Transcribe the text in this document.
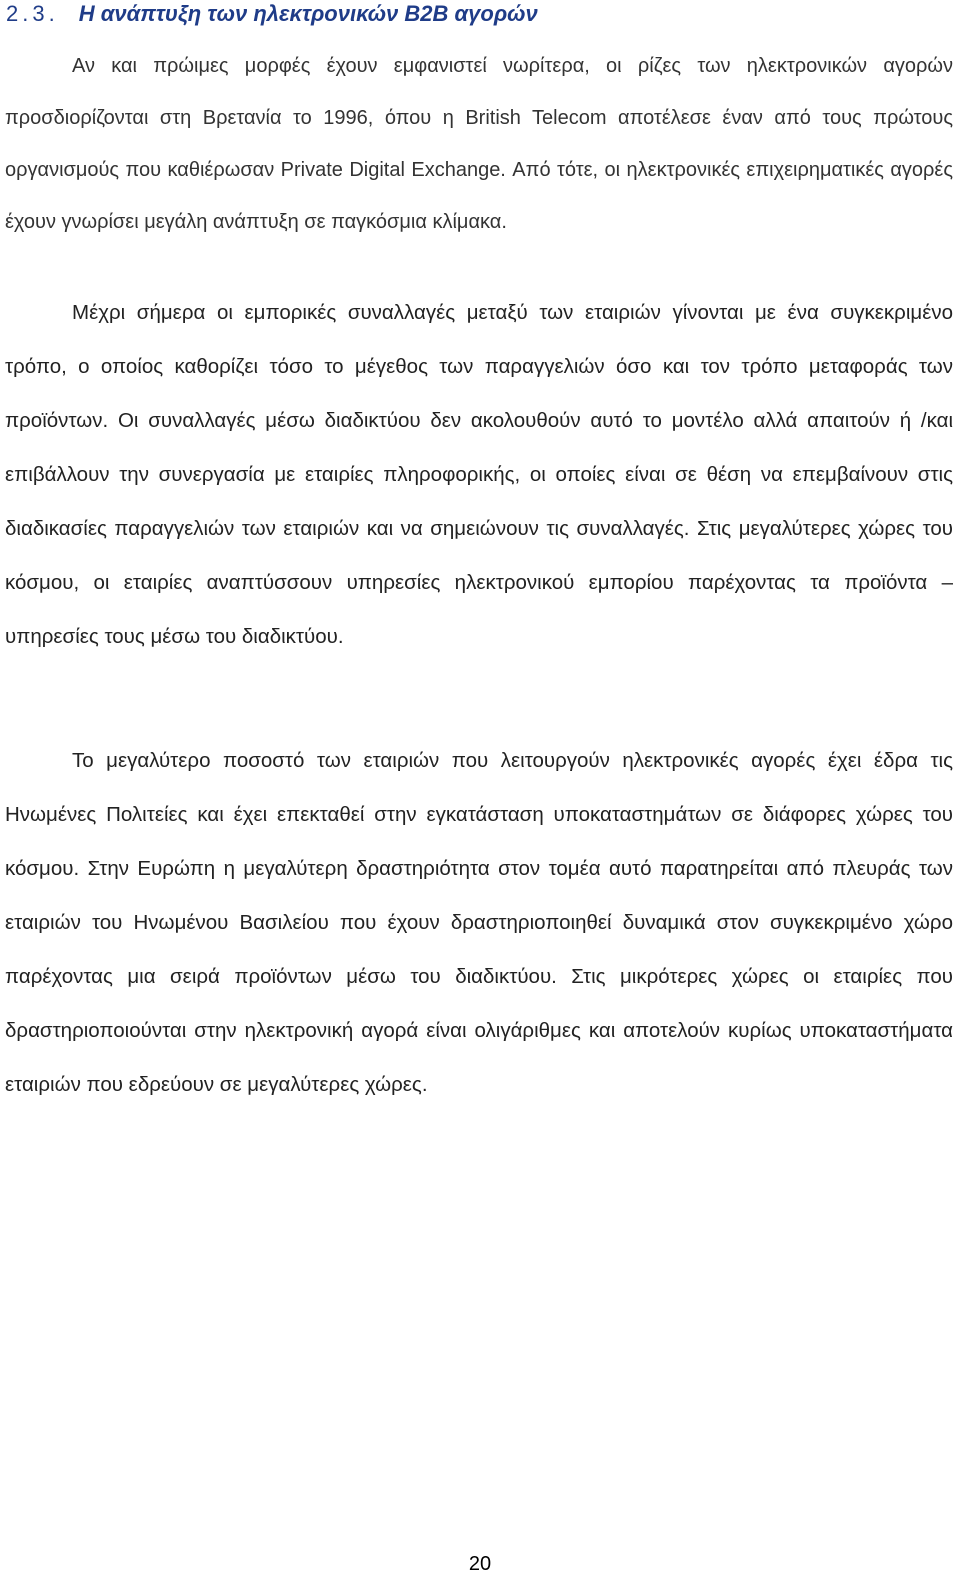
2.3. Η ανάπτυξη των ηλεκτρονικών B2B αγορών
Αν και πρώιμες μορφές έχουν εμφανιστεί νωρίτερα, οι ρίζες των ηλεκτρονικών αγορών προσδιορίζονται στη Βρετανία το 1996, όπου η British Telecom αποτέλεσε έναν από τους πρώτους οργανισμούς που καθιέρωσαν Private Digital Exchange. Από τότε, οι ηλεκτρονικές επιχειρηματικές αγορές έχουν γνωρίσει μεγάλη ανάπτυξη σε παγκόσμια κλίμακα.
Μέχρι σήμερα οι εμπορικές συναλλαγές μεταξύ των εταιριών γίνονται με ένα συγκεκριμένο τρόπο, ο οποίος καθορίζει τόσο το μέγεθος των παραγγελιών όσο και τον τρόπο μεταφοράς των προϊόντων. Οι συναλλαγές μέσω διαδικτύου δεν ακολουθούν αυτό το μοντέλο αλλά απαιτούν ή /και επιβάλλουν την συνεργασία με εταιρίες πληροφορικής, οι οποίες είναι σε θέση να επεμβαίνουν στις διαδικασίες παραγγελιών των εταιριών και να σημειώνουν τις συναλλαγές. Στις μεγαλύτερες χώρες του κόσμου, οι εταιρίες αναπτύσσουν υπηρεσίες ηλεκτρονικού εμπορίου παρέχοντας τα προϊόντα – υπηρεσίες τους μέσω του διαδικτύου.
Το μεγαλύτερο ποσοστό των εταιριών που λειτουργούν ηλεκτρονικές αγορές έχει έδρα τις Ηνωμένες Πολιτείες και έχει επεκταθεί στην εγκατάσταση υποκαταστημάτων σε διάφορες χώρες του κόσμου. Στην Ευρώπη η μεγαλύτερη δραστηριότητα στον τομέα αυτό παρατηρείται από πλευράς των εταιριών του Ηνωμένου Βασιλείου που έχουν δραστηριοποιηθεί δυναμικά στον συγκεκριμένο χώρο παρέχοντας μια σειρά προϊόντων μέσω του διαδικτύου. Στις μικρότερες χώρες οι εταιρίες που δραστηριοποιούνται στην ηλεκτρονική αγορά είναι ολιγάριθμες και αποτελούν κυρίως υποκαταστήματα εταιριών που εδρεύουν σε μεγαλύτερες χώρες.
20
